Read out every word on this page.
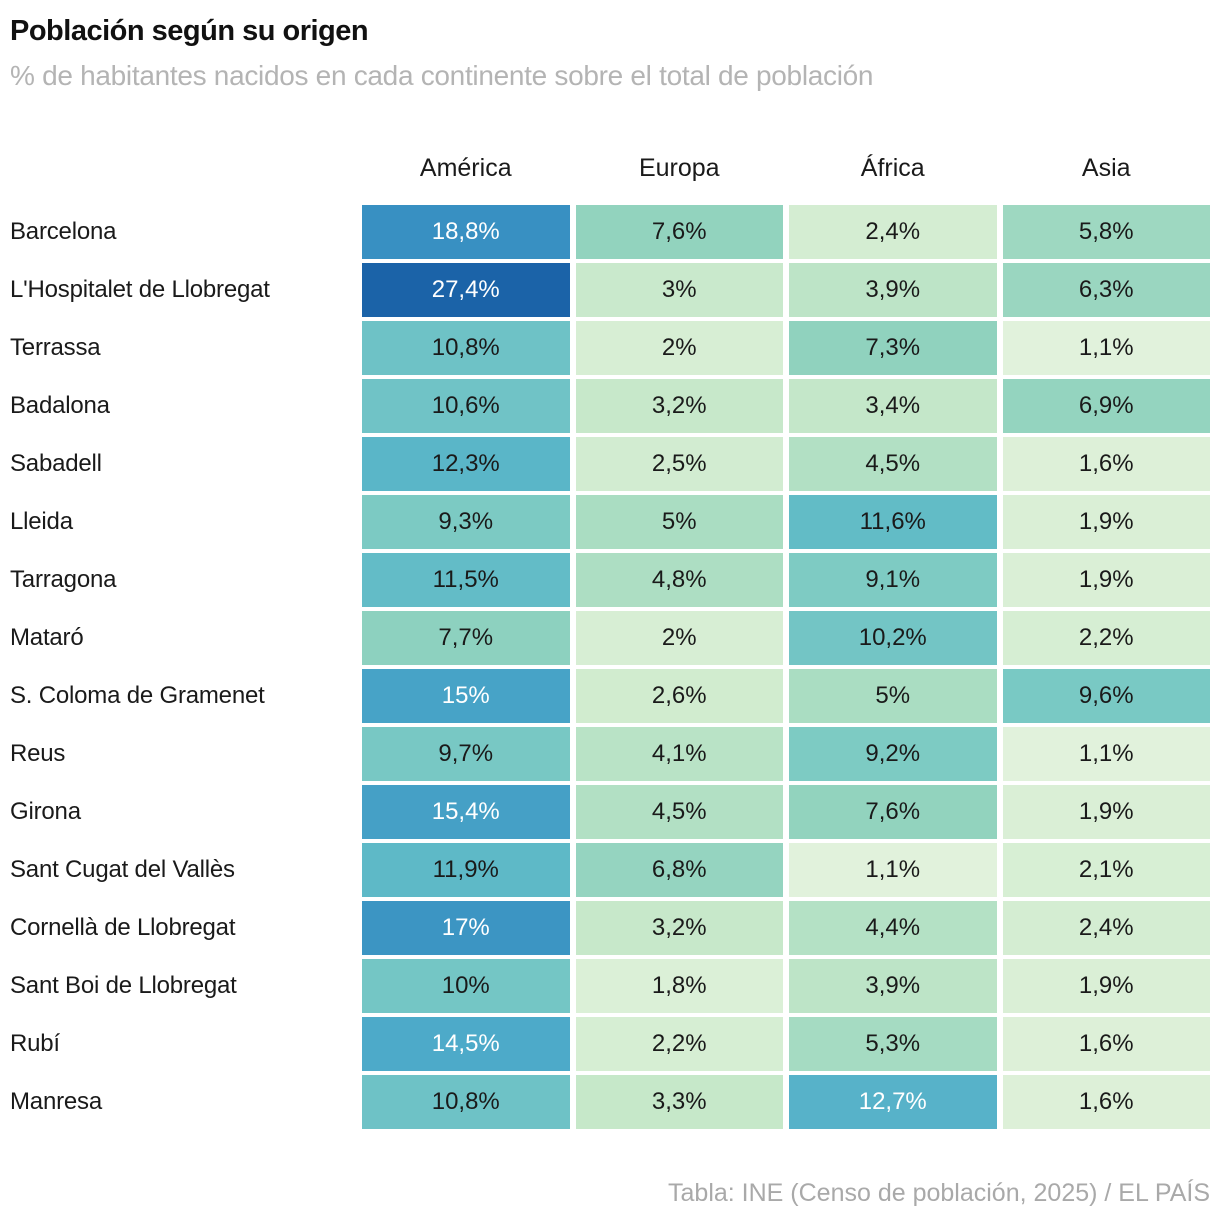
Población según su origen
% de habitantes nacidos en cada continente sobre el total de población
América	Europa	África	Asia
Barcelona	18,8%	7,6%	2,4%	5,8%
L'Hospitalet de Llobregat	27,4%	3%	3,9%	6,3%
Terrassa	10,8%	2%	7,3%	1,1%
Badalona	10,6%	3,2%	3,4%	6,9%
Sabadell	12,3%	2,5%	4,5%	1,6%
Lleida	9,3%	5%	11,6%	1,9%
Tarragona	11,5%	4,8%	9,1%	1,9%
Mataró	7,7%	2%	10,2%	2,2%
S. Coloma de Gramenet	15%	2,6%	5%	9,6%
Reus	9,7%	4,1%	9,2%	1,1%
Girona	15,4%	4,5%	7,6%	1,9%
Sant Cugat del Vallès	11,9%	6,8%	1,1%	2,1%
Cornellà de Llobregat	17%	3,2%	4,4%	2,4%
Sant Boi de Llobregat	10%	1,8%	3,9%	1,9%
Rubí	14,5%	2,2%	5,3%	1,6%
Manresa	10,8%	3,3%	12,7%	1,6%
Tabla: INE (Censo de población, 2025) / EL PAÍS
